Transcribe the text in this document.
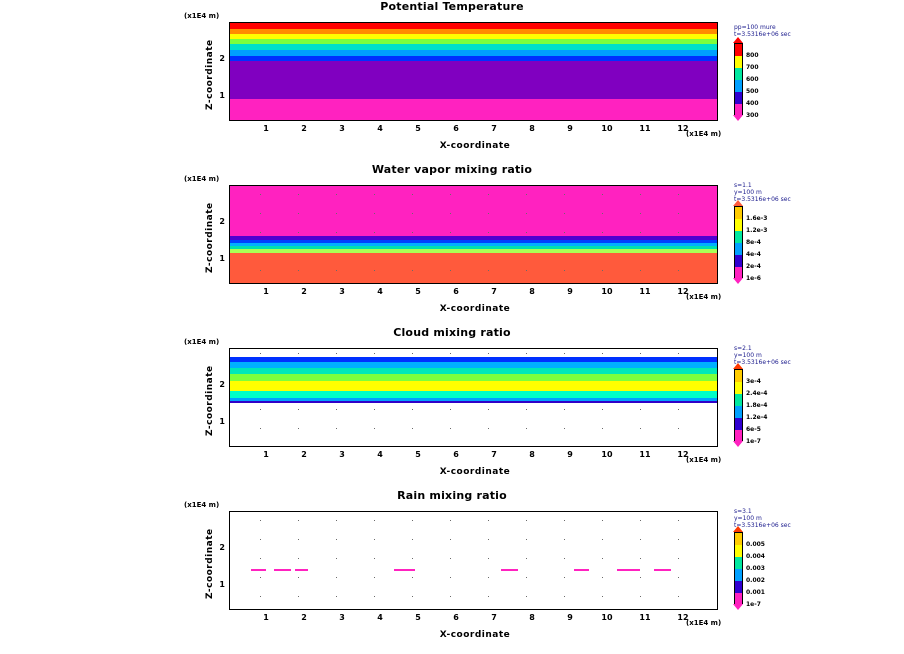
Potential Temperature
(x1E4 m)
Z-coordinate 1
2
1	2	3	4	5	6	7	8	9	10	11	12
X-coordinate
(x1E4 m)
pp=100 mure
t=3.5316e+06 sec
800
700
600
500
400
300
Water vapor mixing ratio
(x1E4 m)
Z-coordinate 1
2
1	2	3	4	5	6	7	8	9	10	11	12
X-coordinate
(x1E4 m)
s=1.1
y=100 m
t=3.5316e+06 sec
1.6e-3
1.2e-3
8e-4
4e-4
2e-4
1e-6
Cloud mixing ratio
(x1E4 m)
Z-coordinate 1
2
1	2	3	4	5	6	7	8	9	10	11	12
X-coordinate
(x1E4 m)
s=2.1
y=100 m
t=3.5316e+06 sec
3e-4
2.4e-4
1.8e-4
1.2e-4
6e-5
1e-7
Rain mixing ratio
(x1E4 m)
Z-coordinate 1
2
1	2	3	4	5	6	7	8	9	10	11	12
X-coordinate
(x1E4 m)
s=3.1
y=100 m
t=3.5316e+06 sec
0.005
0.004
0.003
0.002
0.001
1e-7
